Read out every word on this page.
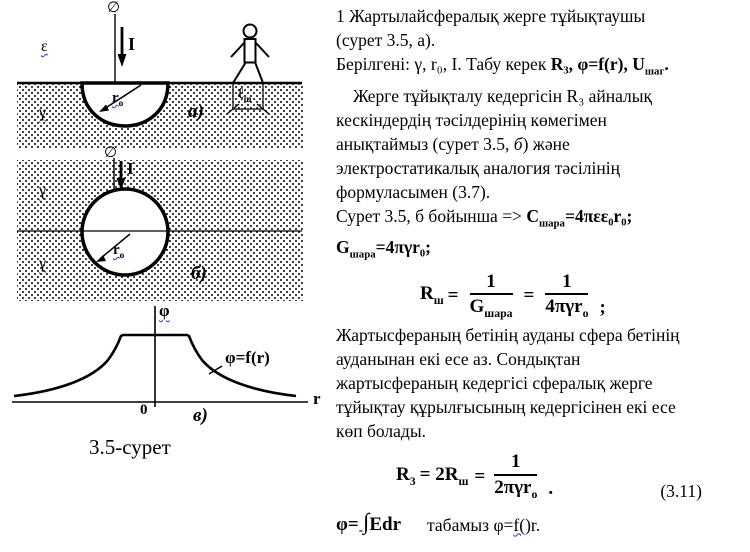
∅
I
ε
γ
$r_о$	а)
ℓ$_ш$
∅
I
γ
γ
$r_о$
б)
φ
0
r
φ=f(r)
в)
3.5-сурет

1 Жартылайсфералық жерге тұйықтаушы

(сурет 3.5, а).

Берілгені: γ, r₀, I. Табу керек R₃, φ=f(r), $U_{шаг}$.

Жерге тұйықталу кедергісін R₃ айналық

кескіндердің тәсілдерінің көмегімен

анықтаймыз (сурет 3.5, б) және

электростатикалық аналогия тәсілінің

формуласымен (3.7).

Сурет 3.5, б бойынша => $C_{шара}=4\pi\varepsilon\varepsilon_0r_0$;

$G_{шара}=4\pi\gamma r_0$;

$R_ш = \frac{1}{G_{шара}} = \frac{1}{4\pi\gamma r_о}$ ;

Жартысфераның бетінің ауданы сфера бетінің

ауданынан екі есе аз. Сондықтан

жартысфераның кедергісі сфералық жерге

тұйықтау құрылғысының кедергісінен екі есе

көп болады.

$R_3 = 2R_ш = \frac{1}{2\pi\gamma r_о}$ .	(3.11)
φ= - ∫ Edr табамыз φ=f()r.
